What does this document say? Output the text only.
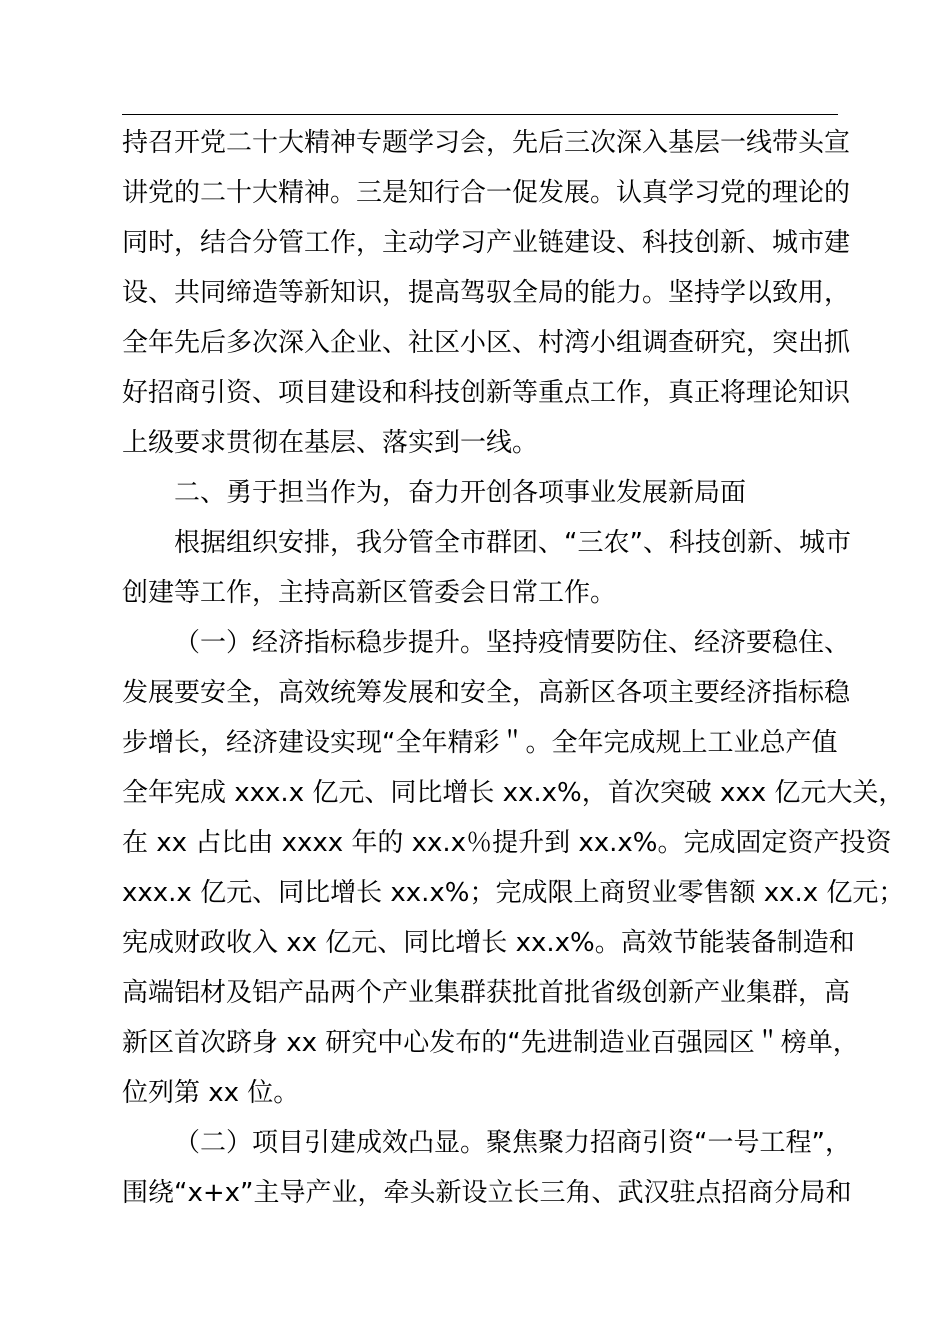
持召开党二十大精神专题学习会，先后三次深入基层一线带头宣
讲党的二十大精神。三是知行合一促发展。认真学习党的理论的
同时，结合分管工作，主动学习产业链建设、科技创新、城市建
设、共同缔造等新知识，提高驾驭全局的能力。坚持学以致用，
全年先后多次深入企业、社区小区、村湾小组调查研究，突出抓
好招商引资、项目建设和科技创新等重点工作，真正将理论知识
上级要求贯彻在基层、落实到一线。
二、勇于担当作为，奋力开创各项事业发展新局面
根据组织安排，我分管全市群团、“三农”、科技创新、城市
创建等工作，主持高新区管委会日常工作。
（一）经济指标稳步提升。坚持疫情要防住、经济要稳住、
发展要安全，高效统筹发展和安全，高新区各项主要经济指标稳
步增长，经济建设实现“全年精彩＂。全年完成规上工业总产值
全年宪成 xxx.x 亿元、同比增长 xx.x%，首次突破 xxx 亿元大关，
在 xx 占比由 xxxx 年的 xx.x％提升到 xx.x%。完成固定资产投资
xxx.x 亿元、同比增长 xx.x%；完成限上商贸业零售额 xx.x 亿元；
宪成财政收入 xx 亿元、同比增长 xx.x%。高效节能装备制造和
高端铝材及铝产品两个产业集群获批首批省级创新产业集群，高
新区首次跻身 xx 研究中心发布的“先进制造业百强园区＂榜单，
位列第 xx 位。
（二）项目引建成效凸显。聚焦聚力招商引资“一号工程”，
围绕“x+x”主导产业，牵头新设立长三角、武汉驻点招商分局和
